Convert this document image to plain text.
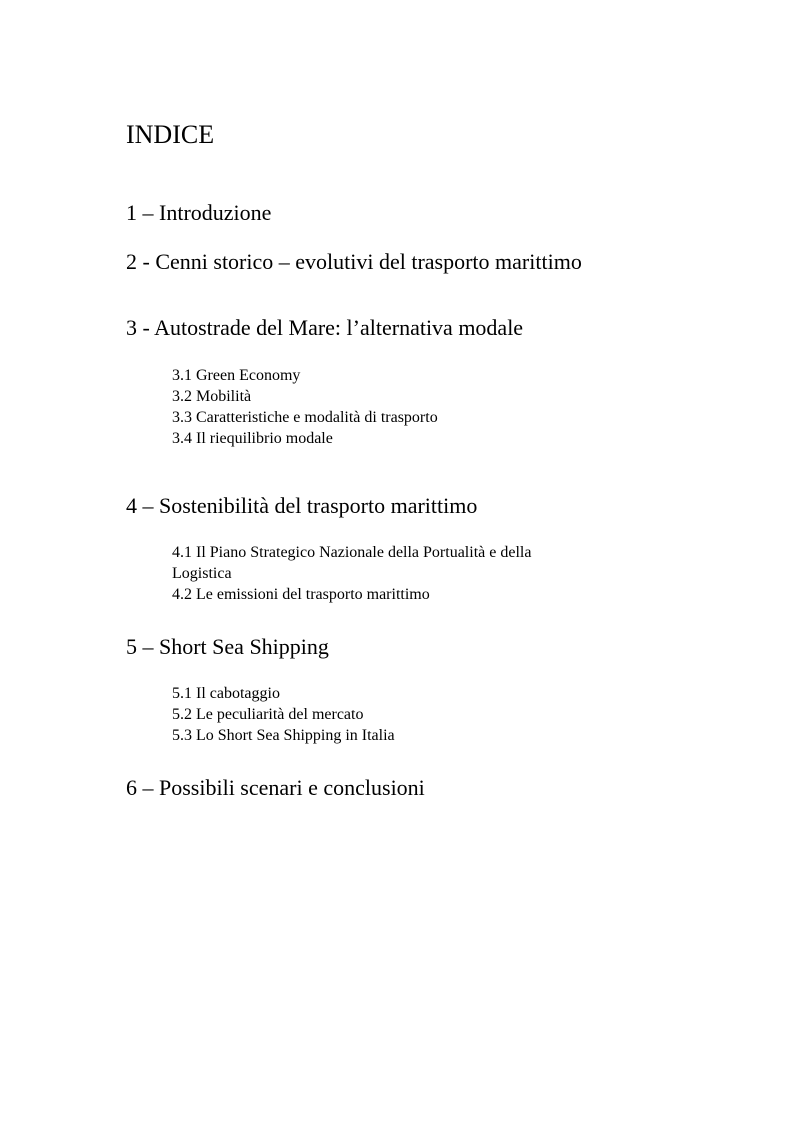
INDICE
1 – Introduzione
2 - Cenni storico – evolutivi del trasporto marittimo
3 - Autostrade del Mare: l’alternativa modale
3.1 Green Economy
3.2 Mobilità
3.3 Caratteristiche e modalità di trasporto
3.4 Il riequilibrio modale
4 – Sostenibilità del trasporto marittimo
4.1 Il Piano Strategico Nazionale della Portualità e della
Logistica
4.2 Le emissioni del trasporto marittimo
5 – Short Sea Shipping
5.1 Il cabotaggio
5.2 Le peculiarità del mercato
5.3 Lo Short Sea Shipping in Italia
6 – Possibili scenari e conclusioni
